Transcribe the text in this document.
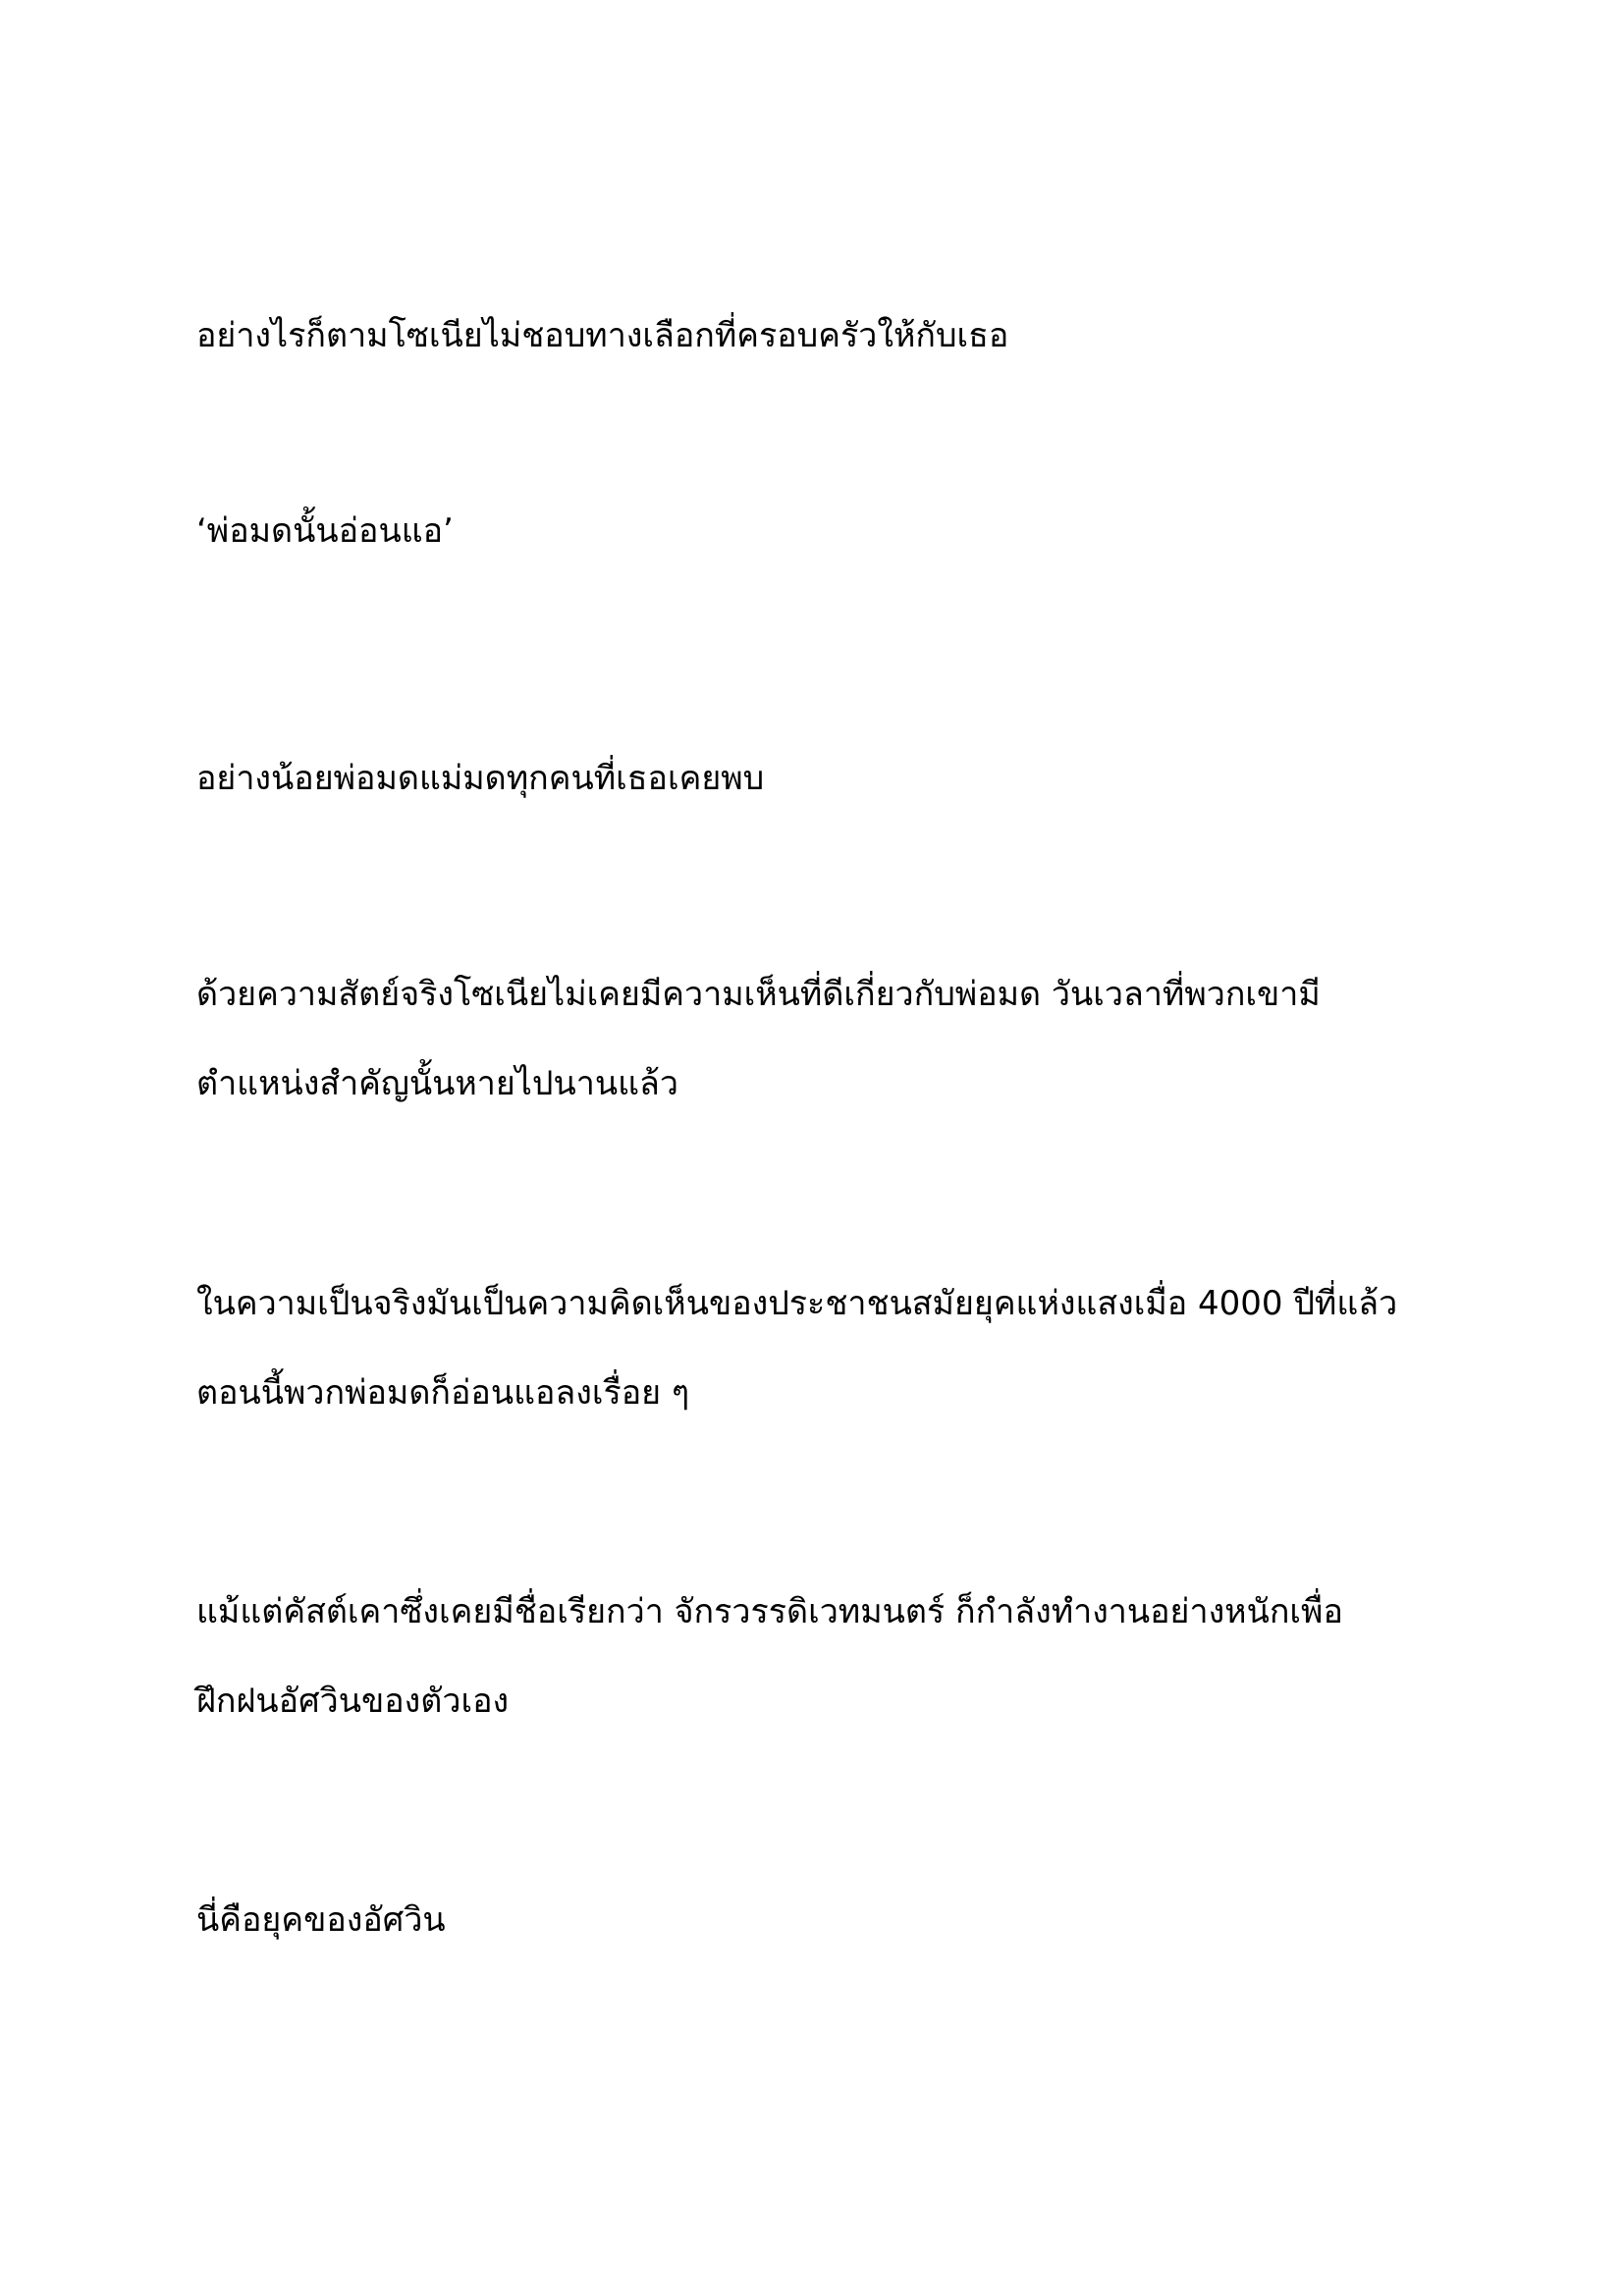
อย่างไรก็ตามโซเนียไม่ชอบทางเลือกที่ครอบครัวให้กับเธอ

‘พ่อมดนั้นอ่อนแอ’

อย่างน้อยพ่อมดแม่มดทุกคนที่เธอเคยพบ

ด้วยความสัตย์จริงโซเนียไม่เคยมีความเห็นที่ดีเกี่ยวกับพ่อมด วันเวลาที่พวกเขามี

ตำแหน่งสำคัญนั้นหายไปนานแล้ว

ในความเป็นจริงมันเป็นความคิดเห็นของประชาชนสมัยยุคแห่งแสงเมื่อ 4000 ปีที่แล้ว

ตอนนี้พวกพ่อมดก็อ่อนแอลงเรื่อย ๆ

แม้แต่คัสต์เคาซึ่งเคยมีชื่อเรียกว่า จักรวรรดิเวทมนตร์ ก็กำลังทำงานอย่างหนักเพื่อ

ฝึกฝนอัศวินของตัวเอง

นี่คือยุคของอัศวิน
